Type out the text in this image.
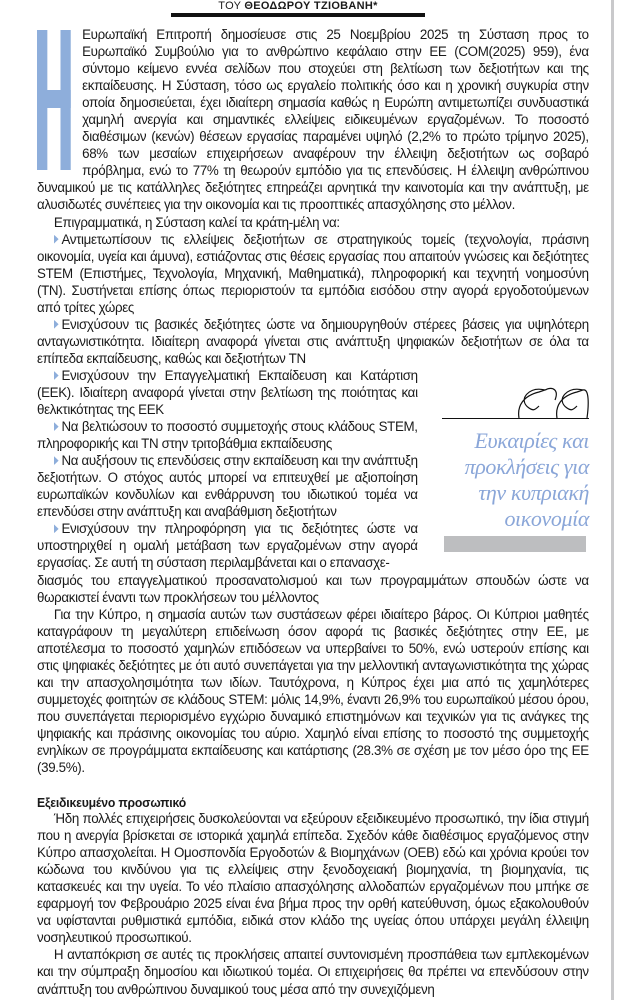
ΤΟΥ ΘΕΟΔΩΡΟΥ ΤΖΙΟΒΑΝΗ*

Ευρωπαϊκή Επιτροπή δημοσίευσε στις 25 Νοεμβρίου 2025 τη Σύσταση προς το Ευρωπαϊκό Συμβούλιο για το ανθρώπινο κεφάλαιο στην ΕΕ (COM(2025) 959), ένα σύντομο κείμενο εννέα σελίδων που στοχεύει στη βελτίωση των δεξιοτήτων και της εκπαίδευσης. Η Σύσταση, τόσο ως εργαλείο πολιτικής όσο και η χρονική συγκυρία στην οποία δημοσιεύεται, έχει ιδιαίτερη σημασία καθώς η Ευρώπη αντιμετωπίζει συνδυαστικά χαμηλή ανεργία και σημαντικές ελλείψεις ειδικευμένων εργαζομένων. Το ποσοστό διαθέσιμων (κενών) θέσεων εργασίας παραμένει υψηλό (2,2% το πρώτο τρίμηνο 2025), 68% των μεσαίων επιχειρήσεων αναφέρουν την έλλειψη δεξιοτήτων ως σοβαρό πρόβλημα, ενώ το 77% τη θεωρούν εμπόδιο για τις επενδύσεις. Η έλλειψη ανθρώπινου δυναμικού με τις κατάλληλες δεξιότητες επηρεάζει αρνητικά την καινοτομία και την ανάπτυξη, με αλυσιδωτές συνέπειες για την οικονομία και τις προοπτικές απασχόλησης στο μέλλον.

Επιγραμματικά, η Σύσταση καλεί τα κράτη-μέλη να:

Αντιμετωπίσουν τις ελλείψεις δεξιοτήτων σε στρατηγικούς τομείς (τεχνολογία, πράσινη οικονομία, υγεία και άμυνα), εστιάζοντας στις θέσεις εργασίας που απαιτούν γνώσεις και δεξιότητες STEM (Επιστήμες, Τεχνολογία, Μηχανική, Μαθηματικά), πληροφορική και τεχνητή νοημοσύνη (ΤΝ). Συστήνεται επίσης όπως περιοριστούν τα εμπόδια εισόδου στην αγορά εργοδοτούμενων από τρίτες χώρες

Ενισχύσουν τις βασικές δεξιότητες ώστε να δημιουργηθούν στέρεες βάσεις για υψηλότερη ανταγωνιστικότητα. Ιδιαίτερη αναφορά γίνεται στις ανάπτυξη ψηφιακών δεξιοτήτων σε όλα τα επίπεδα εκπαίδευσης, καθώς και δεξιοτήτων ΤΝ

Ενισχύσουν την Επαγγελματική Εκπαίδευση και Κατάρτιση (ΕΕΚ). Ιδιαίτερη αναφορά γίνεται στην βελτίωση της ποιότητας και θελκτικότητας της ΕΕΚ

Να βελτιώσουν το ποσοστό συμμετοχής στους κλάδους STEM, πληροφορικής και ΤΝ στην τριτοβάθμια εκπαίδευσης

Να αυξήσουν τις επενδύσεις στην εκπαίδευση και την ανάπτυξη δεξιοτήτων. Ο στόχος αυτός μπορεί να επιτευχθεί με αξιοποίηση ευρωπαϊκών κονδυλίων και ενθάρρυνση του ιδιωτικού τομέα να επενδύσει στην ανάπτυξη και αναβάθμιση δεξιοτήτων

Ενισχύσουν την πληροφόρηση για τις δεξιότητες ώστε να υποστηριχθεί η ομαλή μετάβαση των εργαζομένων στην αγορά εργασίας. Σε αυτή τη σύσταση περιλαμβάνεται και ο επανασχε-

διασμός του επαγγελματικού προσανατολισμού και των προγραμμάτων σπουδών ώστε να θωρακιστεί έναντι των προκλήσεων του μέλλοντος

Για την Κύπρο, η σημασία αυτών των συστάσεων φέρει ιδιαίτερο βάρος. Οι Κύπριοι μαθητές καταγράφουν τη μεγαλύτερη επιδείνωση όσον αφορά τις βασικές δεξιότητες στην ΕΕ, με αποτέλεσμα το ποσοστό χαμηλών επιδόσεων να υπερβαίνει το 50%, ενώ υστερούν επίσης και στις ψηφιακές δεξιότητες με ότι αυτό συνεπάγεται για την μελλοντική ανταγωνιστικότητα της χώρας και την απασχολησιμότητα των ιδίων. Ταυτόχρονα, η Κύπρος έχει μια από τις χαμηλότερες συμμετοχές φοιτητών σε κλάδους STEM: μόλις 14,9%, έναντι 26,9% του ευρωπαϊκού μέσου όρου, που συνεπάγεται περιορισμένο εγχώριο δυναμικό επιστημόνων και τεχνικών για τις ανάγκες της ψηφιακής και πράσινης οικονομίας του αύριο. Χαμηλό είναι επίσης το ποσοστό της συμμετοχής ενηλίκων σε προγράμματα εκπαίδευσης και κατάρτισης (28.3% σε σχέση με τον μέσο όρο της ΕΕ (39.5%).

Εξειδικευμένο προσωπικό

Ήδη πολλές επιχειρήσεις δυσκολεύονται να εξεύρουν εξειδικευμένο προσωπικό, την ίδια στιγμή που η ανεργία βρίσκεται σε ιστορικά χαμηλά επίπεδα. Σχεδόν κάθε διαθέσιμος εργαζόμενος στην Κύπρο απασχολείται. Η Ομοσπονδία Εργοδοτών & Βιομηχάνων (ΟΕΒ) εδώ και χρόνια κρούει τον κώδωνα του κινδύνου για τις ελλείψεις στην ξενοδοχειακή βιομηχανία, τη βιομηχανία, τις κατασκευές και την υγεία. Το νέο πλαίσιο απασχόλησης αλλοδαπών εργαζομένων που μπήκε σε εφαρμογή τον Φεβρουάριο 2025 είναι ένα βήμα προς την ορθή κατεύθυνση, όμως εξακολουθούν να υφίστανται ρυθμιστικά εμπόδια, ειδικά στον κλάδο της υγείας όπου υπάρχει μεγάλη έλλειψη νοσηλευτικού προσωπικού.

Η ανταπόκριση σε αυτές τις προκλήσεις απαιτεί συντονισμένη προσπάθεια των εμπλεκομένων και την σύμπραξη δημοσίου και ιδιωτικού τομέα. Οι επιχειρήσεις θα πρέπει να επενδύσουν στην ανάπτυξη του ανθρώπινου δυναμικού τους μέσα από την συνεχιζόμενη

Ευκαιρίες και προκλήσεις για την κυπριακή οικονομία
